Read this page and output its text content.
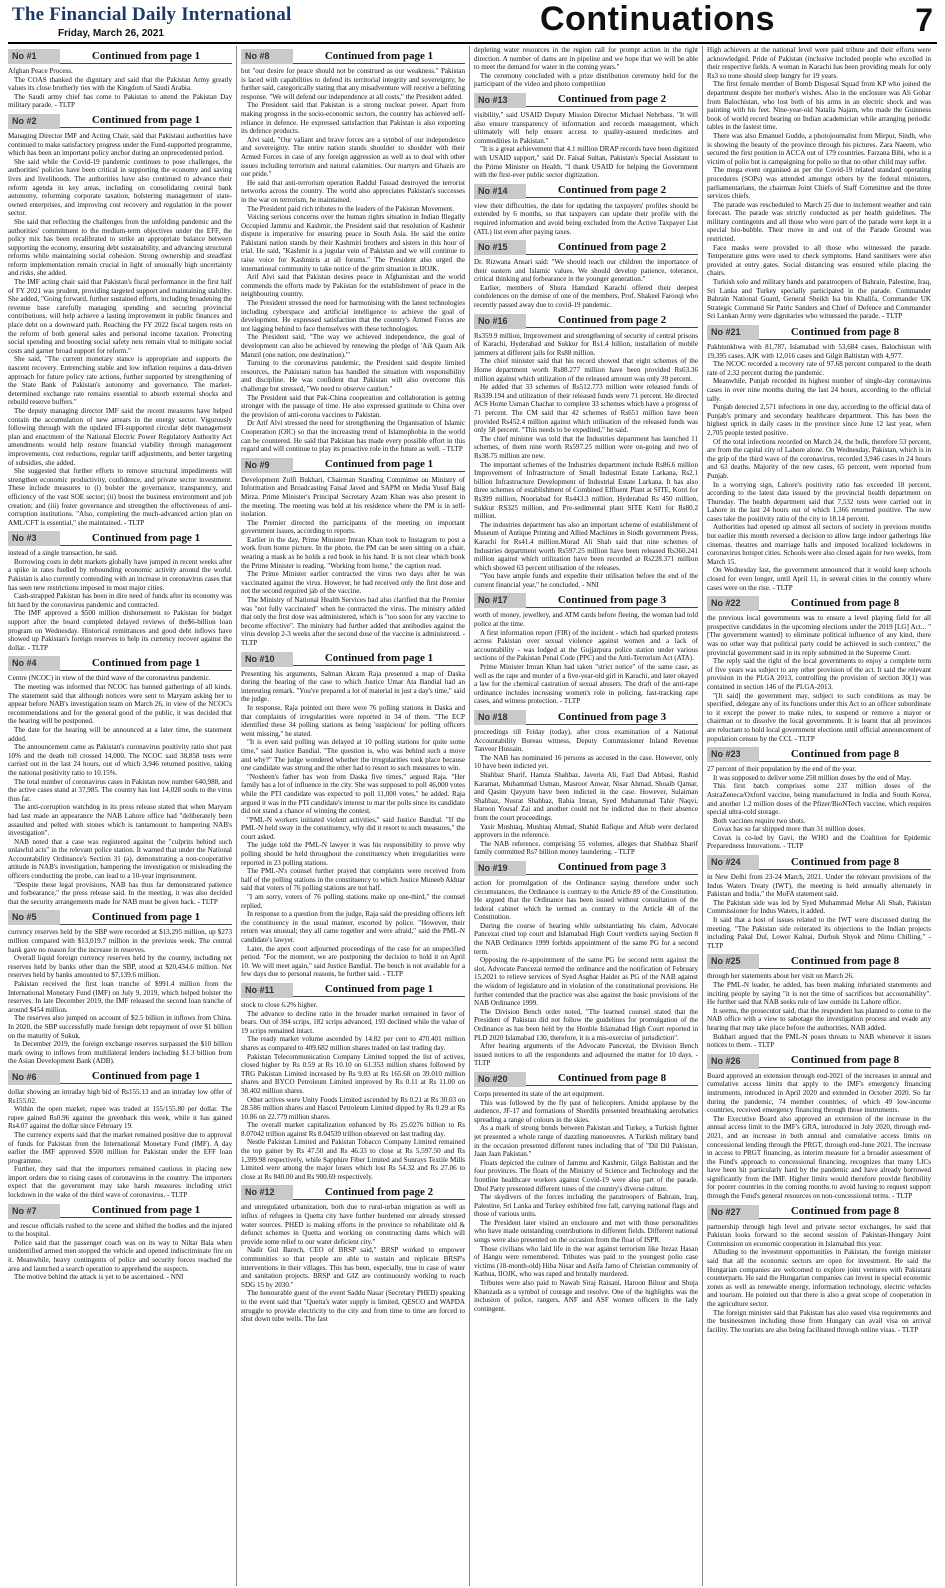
The Financial Daily International
Friday, March 26, 2021	Continuations	7
No #1	Continued from page 1

Afghan Peace Process.

The COAS thanked the dignitary and said that the Pakistan Army greatly values its close brotherly ties with the Kingdom of Saudi Arabia.

The Saudi army chief has come to Pakistan to attend the Pakistan Day military parade. - TLTP

No #2	Continued from page 1

Managing Director IMF and Acting Chair, said that Pakistani authorities have continued to make satisfactory progress under the Fund-supported programme, which has been an important policy anchor during an unprecedented period.

She said while the Covid-19 pandemic continues to pose challenges, the authorities' policies have been critical in supporting the economy and saving lives and livelihoods. The authorities have also continued to advance their reform agenda in key areas, including on consolidating central bank autonomy, reforming corporate taxation, bolstering management of state-owned enterprises, and improving cost recovery and regulation in the power sector.

She said that reflecting the challenges from the unfolding pandemic and the authorities' commitment to the medium-term objectives under the EFF, the policy mix has been recalibrated to strike an appropriate balance between supporting the economy, ensuring debt sustainability, and advancing structural reforms while maintaining social cohesion. Strong ownership and steadfast reform implementation remain crucial in light of unusually high uncertainty and risks, she added.

The IMF acting chair said that Pakistan's fiscal performance in the first half of FY 2021 was prudent, providing targeted support and maintaining stability. She added, "Going forward, further sustained efforts, including broadening the revenue base carefully managing spending and securing provincial contributions, will help achieve a lasting improvement in public finances and place debt on a downward path. Reaching the FY 2022 fiscal targets rests on the reform of both general sales and personal income taxation. Protecting social spending and boosting social safety nets remain vital to mitigate social costs and garner broad support for reform."

She said, "The current monetary stance is appropriate and supports the nascent recovery. Entrenching stable and low inflation requires a data-driven approach for future policy rate actions, further supported by strengthening of the State Bank of Pakistan's autonomy and governance. The market-determined exchange rate remains essential to absorb external shocks and rebuild reserve buffers."

The deputy managing director IMF said the recent measures have helped contain the accumulation of new arrears in the energy sector. Vigorously following through with the updated IFI-supported circular debt management plan and enactment of the National Electric Power Regulatory Authority Act amendments would help restore financial viability through management improvements, cost reductions, regular tariff adjustments, and better targeting of subsidies, she added.

She suggested that further efforts to remove structural impediments will strengthen economic productivity, confidence, and private sector investment. These include measures to (i) bolster the governance, transparency, and efficiency of the vast SOE sector; (ii) boost the business environment and job creation; and (iii) foster governance and strengthen the effectiveness of anti-corruption institutions. "Also, completing the much-advanced action plan on AML/CFT is essential," she maintained. - TLTP

No #3	Continued from page 1

instead of a single transaction, he said.

Borrowing costs in debt markets globally have jumped in recent weeks after a spike in rates fuelled by rebounding economic activity around the world. Pakistan is also currently contending with an increase in coronavirus cases that has seen new restrictions imposed in most major cities.

Cash-strapped Pakistan has been in dire need of funds after its economy was hit hard by the coronavirus pandemic and contracted.

The IMF approved a $500 million disbursement to Pakistan for budget support after the board completed delayed reviews of the$6-billion loan program on Wednesday. Historical remittances and good debt inflows have showed up Pakistan's foreign reserves to help its currency recover against the dollar. - TLTP

No #4	Continued from page 1

Centre (NCOC) in view of the third wave of the coronavirus pandemic.

The meeting was informed that NCOC has banned gatherings of all kinds. The statement said that although notices were sent to Maryam asking her to appear before NAB's investigation team on March 26, in view of the NCOC's recommendations and for the general good of the public, it was decided that the hearing will be postponed.

The date for the hearing will be announced at a later time, the statement added.

The announcement came as Pakistan's coronavirus positivity ratio shot past 10% and the death toll crossed 14,000. The NCOC said 38,858 tests were carried out in the last 24 hours, out of which 3,946 returned positive, taking the national positivity ratio to 10.15%.

The total number of coronavirus cases in Pakistan now number 640,988, and the active cases stand at 37,985. The country has lost 14,028 souls to the virus thus far.

The anti-corruption watchdog in its press release stated that when Maryam had last made an appearance the NAB Lahore office had "deliberately been assaulted and pelted with stones which is tantamount to hampering NAB's investigation".

NAB noted that a case was registered against the "culprits behind such unlawful acts" in the relevant police station. It warned that under the National Accountability Ordinance's Section 31 (a), demonstrating a non-cooperative attitude in NAB's investigation, hampering the investigation or misleading the officers conducting the probe, can lead to a 10-year imprisonment.

"Despite these legal provisions, NAB has thus far demonstrated patience and forbearance," the press release said. In the meeting, it was also decided that the security arrangements made for NAB must be given back. - TLTP

No #5	Continued from page 1

currency reserves held by the SBP were recorded at $13,295 million, up $273 million compared with $13,019.7 million in the previous week. The central bank gave no reason for the increase in reserves.

Overall liquid foreign currency reserves held by the country, including net reserves held by banks other than the SBP, stood at $20,434.6 million. Net reserves held by banks amounted to $7,139.6 million.

Pakistan received the first loan tranche of $991.4 million from the International Monetary Fund (IMF) on July 9, 2019, which helped bolster the reserves. In late December 2019, the IMF released the second loan tranche of around $454 million.

The reserves also jumped on account of $2.5 billion in inflows from China. In 2020, the SBP successfully made foreign debt repayment of over $1 billion on the maturity of Sukuk.

In December 2019, the foreign exchange reserves surpassed the $10 billion mark owing to inflows from multilateral lenders including $1.3 billion from the Asian Development Bank (ADB).

No #6	Continued from page 1

dollar showing an intraday high bid of Rs155.13 and an intraday low offer of Rs155.02.

Within the open market, rupee was traded at 155/155.80 per dollar. The rupee gained Rs0.96 against the greenback this week, while it has gained Rs4.07 against the dollar since February 19.

The currency experts said that the market remained positive due to approval of funds for Pakistan from the International Monetary Fund (IMF). A day earlier the IMF approved $500 million for Pakistan under the EFF loan programme.

Further, they said that the importers remained cautious in placing new import orders due to rising cases of coronavirus in the country. The importers expect that the government may take harsh measures including strict lockdown in the wake of the third wave of coronavirus. - TLTP

No #7	Continued from page 1

and rescue officials rushed to the scene and shifted the bodies and the injured to the hospital.

Police said that the passenger coach was on its way to Niltar Bala when unidentified armed men stopped the vehicle and opened indiscriminate fire on it. Meanwhile, heavy contingents of police and security forces reached the area and launched a search operation to apprehend the suspects.

The motive behind the attack is yet to be ascertained. - NNI

No #8	Continued from page 1

but "our desire for peace should not be construed as our weakness." Pakistan is laced with capabilities to defend its territorial integrity and sovereignty, he further said, categorically stating that any misadventure will receive a befitting response. "We will defend our independence at all costs," the President added.

The President said that Pakistan is a strong nuclear power. Apart from making progress in the socio-economic sectors, the country has achieved self-reliance in defence. He expressed satisfaction that Pakistan is also exporting its defence products.

Alvi said, "Our valiant and brave forces are a symbol of our independence and sovereignty. The entire nation stands shoulder to shoulder with their Armed Forces in case of any foreign aggression as well as to deal with other issues including terrorism and natural calamities. Our martyrs and Ghazis are our pride."

He said that anti-terrorism operation Raddul Fassad destroyed the terrorist networks across the country. The world also appreciates Pakistan's successes in the war on terrorism, he maintained.

The President paid rich tributes to the leaders of the Pakistan Movement.

Voicing serious concerns over the human rights situation in Indian Illegally Occupied Jammu and Kashmir, the President said that resolution of Kashmir dispute is imperative for ensuring peace in South Asia. He said the entire Pakistani nation stands by their Kashmiri brothers and sisters in this hour of trial. He said, "Kashmir is a jugular vein of Pakistan and we will continue to raise voice for Kashmiris at all forums." The President also urged the international community to take notice of the grim situation in IIOJK.

Arif Alvi said that Pakistan desires peace in Afghanistan and the world commends the efforts made by Pakistan for the establishment of peace in the neighbouring country.

The President stressed the need for harmonising with the latest technologies including cyberspace and artificial intelligence to achieve the goal of development. He expressed satisfaction that the country's Armed Forces are not lagging behind to face themselves with these technologies.

The President said, "The way we achieved independence, the goal of development can also be achieved by renewing the pledge of 'Aik Qaum Aik Manzil (one nation, one destination).'"

Turning to the coronavirus pandemic, the President said despite limited resources, the Pakistani nation has handled the situation with responsibility and discipline. He was confident that Pakistan will also overcome this challenge but stressed, "We need to observe caution."

The President said that Pak-China cooperation and collaboration is getting stronger with the passage of time. He also expressed gratitude to China over the provision of anti-corona vaccines to Pakistan.

Dr Arif Alvi stressed the need for strengthening the Organisation of Islamic Cooperation (OIC) so that the increasing trend of Islamophobia in the world can be countered. He said that Pakistan has made every possible effort in this regard and will continue to play its proactive role in the future as well. - TLTP

No #9	Continued from page 1

Development Zulfi Bukhari, Chairman Standing Committee on Ministry of Information and Broadcasting Faisal Javed and SAPM on Media Yusuf Baig Mirza. Prime Minister's Principal Secretary Azam Khan was also present in the meeting. The meeting was held at his residence where the PM is in self-isolation.

The Premier directed the participants of the meeting on important government issues, according to reports.

Earlier in the day, Prime Minister Imran Khan took to Instagram to post a work from home picture. In the photo, the PM can be seen sitting on a chair, wearing a mask as he holds a red book in his hand. It is not clear which book the Prime Minister is reading. "Working from home," the caption read.

The Prime Minister earlier contracted the virus two days after he was vaccinated against the virus. However, he had received only the first dose and not the second required jab of the vaccine.

The Ministry of National Health Services had also clarified that the Premier was "not fully vaccinated" when he contracted the virus. The ministry added that only the first dose was administered, which is "too soon for any vaccine to become effective". The ministry had further added that antibodies against the virus develop 2-3 weeks after the second dose of the vaccine is administered. - TLTP

No #10	Continued from page 1

Presenting his arguments, Salman Akram Raja presented a map of Daska during the hearing of the case to which Justice Umar Ata Bandial had an interesting remark. "You've prepared a lot of material in just a day's time," said the judge.

In response, Raja pointed out there were 76 polling stations in Daska and that complaints of irregularities were reported in 34 of them. "The ECP identified these 34 polling stations as being 'suspicious' for polling officers went missing," he stated.

"It is even said polling was delayed at 10 polling stations for quite some time," said Justice Bandial. "The question is, who was behind such a move and why?" The judge wondered whether the irregularities took place because one candidate was strong and the other had to resort to such measures to win.

"Nosheen's father has won from Daska five times," argued Raja. "Her family has a lot of influence in the city. She was supposed to poll 46,000 votes while the PTI candidate was expected to poll 11,000 votes," he added. Raja argued it was in the PTI candidate's interest to mar the polls since its candidate did not stand a chance of winning the contest.

"PML-N workers initiated violent activities," said Justice Bandial. "If the PML-N held sway in the constituency, why did it resort to such measures," the court asked.

The judge told the PML-N lawyer it was his responsibility to prove why polling should be held throughout the constituency when irregularities were reported in 23 polling stations.

The PML-N's counsel further prayed that complaints were received from half of the polling stations in the constituency to which Justice Muneeb Akhtar said that voters of 76 polling stations are not half.

"I am sorry, voters of 76 polling stations make up one-third," the counsel replied.

In response to a question from the judge, Raja said the presiding officers left the constituency in the usual manner, escorted by police. "However, their return was unusual; they all came together and were afraid," said the PML-N candidate's lawyer.

Later, the apex court adjourned proceedings of the case for an unspecified period. "For the moment, we are postponing the decision to hold it on April 10. We will meet again," said Justice Bandial. The bench is not available for a few days due to personal reasons, he further said. - TLTP

No #11	Continued from page 1

stock to close 6.2% higher.

The advance to decline ratio in the broader market remained in favor of bears. Out of 394 scrips, 182 scrips advanced, 193 declined while the value of 19 scrips remained intact.

The ready market volume ascended by 14.82 per cent to 470.401 million shares as compared to 409.682 million shares traded on last trading day.

Pakistan Telecommunication Company Limited topped the list of actives, closed higher by Rs 0.59 at Rs 10.10 on 61.353 million shares followed by TRG Pakistan Limited increased by Rs 9.83 at Rs 165.68 on 39.010 million shares and BYCO Petroleum Limited improved by Rs 0.11 at Rs 11.00 on 38.402 million shares.

Other actives were Unity Foods Limited ascended by Rs 0.21 at Rs 30.03 on 28.586 million shares and Hascol Petroleum Limited dipped by Rs 0.29 at Rs 10.86 on 22.779 million shares.

The overall market capitalization enhanced by Rs 25.0276 billion to Rs 8.07042 trillion against Rs 8.04539 trillion observed on last trading day.

Nestle Pakistan Limited and Pakistan Tobacco Company Limited remained the top gainer by Rs 47.50 and Rs 46.33 to close at Rs 5,597.50 and Rs 1,399.98 respectively, while Sapphire Fiber Limited and Sunrays Textile Mills Limited were among the major losers which lost Rs 54.32 and Rs 27.06 to close at Rs 840.00 and Rs 900.69 respectively.

No #12	Continued from page 2

and unregulated urbanization, both due to rural-urban migration as well as influx of refugees in Quetta city have further burdened our already stressed water sources. PHED is making efforts in the province to rehabilitate old & defunct schemes in Quetta and working on constructing dams which will provide some relief to our water deficient city."

Nadir Gul Barech, CEO of BRSP said," BRSP worked to empower communities so that people are able to sustain and replicate BRSP's interventions in their villages. This has been, especially, true in case of water and sanitation projects. BRSP and GIZ are continuously working to reach SDG 15 by 2030."

The honourable guest of the event Saddu Nasar (Secretary PHED) speaking to the event said that "Quetta's water supply is limited, QESCO and WAPDA struggle to provide electricity to the city and from time to time are forced to shut down tube wells. The fast

depleting water resources in the region call for prompt action in the right direction. A number of dams are in pipeline and we hope that we will be able to meet the demand for water in the coming years."

The ceremony concluded with a prize distribution ceremony held for the participant of the video and photo competition

No #13	Continued from page 2

visibility," said USAID Deputy Mission Director Michael Nehrbass. "It will also ensure transparency of information and records management, which ultimately will help ensure access to quality-assured medicines and commodities in Pakistan."

"It is a great achievement that 4.1 million DRAP records have been digitized with USAID support," said Dr. Faisal Sultan, Pakistan's Special Assistant to the Prime Minister on Health. "I thank USAID for helping the Government with the first-ever public sector digitization.

No #14	Continued from page 2

view their difficulties, the date for updating the taxpayers' profiles should be extended by 6 months, so that taxpayers can update their profile with the required information and avoid being excluded from the Active Taxpayer List (ATL) list even after paying taxes.

No #15	Continued from page 2

Dr. Rizwana Ansari said: "We should teach our children the importance of their eastern and Islamic values. We should develop patience, tolerance, critical thinking and forbearance in the younger generation."

Earlier, members of Shura Hamdard Karachi offered their deepest condolences on the demise of one of the members, Prof. Shakeel Farooqi who recently passed away due to covid-19 pandemic.

No #16	Continued from page 2

Rs359.9 million, Improvement and strengthening of security of central prisons of Karachi, Hyderabad and Sukkur for Rs1.4 billion, installation of mobile jammers at different jails for Rs88 million.

The chief minister said that his record showed that eight schemes of the Home department worth Rs88.277 million have been provided Rs63.36 million against which utilization of the released amount was only 39 percent.

He added that 33 schemes of Rs512.773 million were released funds of Rs339.194 and utilization of their released funds were 71 percent. He directed ACS Home Usman Chachar to complete 33 schemes which have a progress of 71 percent. The CM said that 42 schemes of Rs651 million have been provided Rs452.4 million against which utilisation of the released funds was only 58 percent. "This needs to be expedited," he said.

The chief minister was told that the Industries department has launched 11 schemes, of them nine worth Rs597.25 million were on-going and two of Rs38.75 million are new.

The important schemes of the Industries department include Rs86.6 million Improvement of Infrastructure of Small Industrial Estate Larkana, Rs2.1 billion Infrastructure Development of Industrial Estate Larkana. It has also three schemes of establishment of Combined Effluent Plant at SITE, Kotri for Rs399 million, Nooriabad for Rs443.3 million, Hyderabad Rs 450 million, Sukkur RS325 million, and Pre-sedimental plant SITE Kotri for Rs80.2 million.

The industries department has also an important scheme of establishment of Museum of Antique Printing and Allied Machines in Sindh government Press, Karachi for Rs41.4 million.Murad Ali Shah said that nine schemes of Industries department worth Rs597.25 million have been released Rs360.241 million against which utilization have been recorded at Rs228.371 million which showed 63 percent utilisation of the releases.

"You have ample funds and expedite their utilisation before the end of the current financial year," he concluded. - NNI

No #17	Continued from page 3

worth of money, jewellery, and ATM cards before fleeing, the woman had told police at the time.

A first information report (FIR) of the incident - which had sparked protests across Pakistan over sexual violence against women and a lack of accountability - was lodged at the Gujjarpura police station under various sections of the Pakistan Penal Code (PPC) and the Anti-Terrorism Act (ATA).

Prime Minister Imran Khan had taken "strict notice" of the same case, as well as the rape and murder of a five-year-old girl in Karachi, and later okayed a law for the chemical castration of sexual abusers. The draft of the anti-rape ordinance includes increasing women's role in policing, fast-tracking rape cases, and witness protection. - TLTP

No #18	Continued from page 3

proceedings till Friday (today), after cross examination of a National Accountability Bureau witness, Deputy Commissioner Inland Revenue Tanveer Hussain.

The NAB has nominated 16 persons as accused in the case. However, only 10 have been indicted yet.

Shahbaz Sharif, Hamza Shahbaz, Javeria Ali, Fazl Dad Abbasi, Rashid Karamat, Muhammad Usman, Masroor Anwar, Nisar Ahmad, Shoaib Qamar, and Qasim Qayyum have been indicted in the case. However, Sulaiman Shahbaz, Nusrat Shahbaz, Rabia Imran, Syed Muhammad Tahir Naqvi, Haroon Yousaf Zai and another could not be indicted due to their absence from the court proceedings.

Yasir Mushtaq, Mushtaq Ahmad, Shahid Rafique and Aftab were declared approvers in the reference.

The NAB reference, comprising 55 volumes, alleges that Shahbaz Sharif family committed Rs7 billion money laundering. - TLTP

No #19	Continued from page 3

action for promulgation of the Ordinance saying therefore under such circumstances, the Ordinance is contrary to the Article 89 of the Constitution. He argued that the Ordinance has been issued without consultation of the federal cabinet which he termed as contrary to the Article 48 of the Constitution.

During the course of hearing while substantiating his claim, Advocate Pancezai cited top court and Islamabad High Court verdicts saying Section 8 the NAB Ordinance 1999 forbids appointment of the same PG for a second term.

Opposing the re-appointment of the same PG for second term against the slot, Advocate Pancezai termed the ordinance and the notification of February 15,2021 to relieve services of Syed Asghar Haider as PG of the NAB against the wisdom of legislature and in violation of the constitutional provisions. He further contended that the practice was also against the basic provisions of the NAB Ordinance 1999.

The Division Bench order noted, "The learned counsel stated that the President of Pakistan did not follow the guidelines for promulgation of the Ordinance as has been held by the Honble Islamabad High Court reported in PLD 2020 Islamabad 130, therefore, it is a mis-exercise of jurisdiction".

After hearing arguments of the Advocate Pancezai, the Division Bench issued notices to all the respondents and adjourned the matter for 10 days. - TLTP

No #20	Continued from page 8

Corps presented its state of the art equipment.

This was followed by the fly past of helicopters. Amidst applause by the audience, JF-17 and formations of Sherdils presented breathtaking aerobatics spreading a range of colours in the skies.

As a mark of strong bonds between Pakistan and Turkey, a Turkish fighter jet presented a whole range of dazzling manoeuvres. A Turkish military band in the occasion presented different tunes including that of "Dil Dil Pakistan, Jaan Jaan Pakistan."

Floats depicted the culture of Jammu and Kashmir, Gilgit Baltistan and the four provinces. The floats of the Ministry of Science and Technology and the frontline healthcare workers against Covid-19 were also part of the parade. Dhol Party presented different tunes of the country's diverse culture.

The skydivers of the forces including the paratroopers of Bahrain, Iraq, Palestine, Sri Lanka and Turkey exhibited free fall, carrying national flags and those of various units.

The President later visited an enclosure and met with those personalities who have made outstanding contributions in different fields. Different national songs were also presented on the occasion from the float of ISPR.

Those civilians who laid life in the war against terrorism like Itezaz Hasan of Hangu were remembered. Tributes was paid to the youngest polio case victims (18-month-old) Hiba Nisar and Asifa Jamo of Christian community of Kathua, IIOJK, who was raped and brutally murdered.

Tributes were also paid to Nawab Siraj Raisani, Haroon Bilour and Shuja Khanzada as a symbol of courage and resolve. One of the highlights was the inclusion of police, rangers, ANF and ASF women officers in the lady contingent.

High achievers at the national level were paid tribute and their efforts were acknowledged. Pride of Pakistan (inclusive included people who excelled in their respective fields. A woman in Karachi has been providing meals for only Rs3 so none should sleep hungry for 19 years.

The first female member of Bomb Disposal Squad from KP who joined the department despite her mother's wishes. Also in the enclosure was Ali Gohar from Balochistan, who lost both of his arms in an electric shock and was painting with his feet. Nine-year-old Natalia Najam, who made the Guinness book of world record bearing on Indian academician while arranging periodic tables in the fastest time.

There was also Emanuel Guddo, a photojournalist from Mirpur, Sindh, who is showing the beauty of the province through his pictures. Zara Naeem, who secured the first position in ACCA out of 179 countries. Farzana Bibi, who is a victim of polio but is campaigning for polio so that no other child may suffer.

The mega event organised as per the Covid-19 related standard operating procedures (SOPs) was attended amongst others by the federal ministers, parliamentarians, the chairman Joint Chiefs of Staff Committee and the three services chiefs.

The parade was rescheduled to March 25 due to inclement weather and rain forecast. The parade was strictly conducted as per health guidelines. The military contingents and all those who were part of the parade were kept in a special bio-bubble. Their move in and out of the Parade Ground was restricted.

Face masks were provided to all those who witnessed the parade. Temperature guns were used to check symptoms. Hand sanitisers were also provided at entry gates. Social distancing was ensured while placing the chairs.

Turkish solo and military bands and paratroopers of Bahrain, Palestine, Iraq, Sri Lanka and Turkey specially participated in the parade. Commander Bahrain National Guard, General Sheikh Isa bin Khalifa, Commander UK Strategic Command Sir Patric Sanders and Chief of Defence and Commander Sri Lankan Army were dignitaries who witnessed the parade. - TLTP

No #21	Continued from page 8

Pakhtunkhwa with 81,787, Islamabad with 53,684 cases, Balochistan with 19,395 cases, AJK with 12,016 cases and Gilgit Baltistan with 4,977.

The NCOC recorded a recovery rate of 97.68 percent compared to the death rate of 2.32 percent during the pandemic.

Meanwhile, Punjab recorded its highest number of single-day coronavirus cases in over nine months during the last 24 hours, according to the official tally.

Punjab detected 2,571 infections in one day, according to the official data of Punjab's primary and secondary healthcare department. This has been the highest uptick in daily cases in the province since June 12 last year, when 2,705 people tested positive.

Of the total infections recorded on March 24, the bulk, therefore 53 percent, are from the capital city of Lahore alone. On Wednesday, Pakistan, which is in the grip of the third wave of the coronavirus, recorded 3,946 cases in 24 hours and 63 deaths. Majority of the new cases, 65 percent, were reported from Punjab.

In a worrying sign, Lahore's positivity ratio has exceeded 18 percent, according to the latest data issued by the provincial health department on Thursday. The health department said that 7,532 tests were carried out in Lahore in the last 24 hours out of which 1,366 returned positive. The new cases take the positivity ratio of the city to 18.14 percent.

Authorities had opened up almost all sectors of society in previous months but earlier this month reversed a decision to allow large indoor gatherings like cinemas, theatres and marriage halls and imposed localized lockdowns in coronavirus hotspot cities. Schools were also closed again for two weeks, from March 15.

On Wednesday last, the government announced that it would keep schools closed for even longer, until April 11, in several cities in the country where cases were on the rise. - TLTP

No #22	Continued from page 8

the previous local governments was to ensure a level playing field for all prospective candidates in the upcoming elections under the 2019 [LG] Act... "[The government wanted] to eliminate political influence of any kind, there was no other way that political party could be achieved in such context," the provincial government said in its reply submitted in the Supreme Court.

The reply said the right of the local governments to enjoy a complete term of five years was subject to any other provision of the act. It said the relevant provision in the PLGA 2013, controlling the provision of section 30(1) was contained in section 146 of the PLGA-2013.

"[It said] the government may, subject to such conditions as may be specified, delegate any of its functions under this Act to an officer subordinate to it except the power to make rules, to suspend or remove a mayor or chairman or to dissolve the local governments. It is learnt that all provinces are reluctant to hold local government elections until official announcement of population census by the CCI. - TLTP

No #23	Continued from page 8

27 percent of their population by the end of the year.

It was supposed to deliver some 258 million doses by the end of May.

This first batch comprises some 237 million doses of the AstraZeneca/Oxford vaccine, being manufactured in India and South Korea, and another 1.2 million doses of the Pfizer/BioNTech vaccine, which requires special ultra-cold storage.

Both vaccines require two shots.

Covax has so far shipped more than 31 million doses.

Covax is co-led by Gavi, the WHO and the Coalition for Epidemic Preparedness Innovations. - TLTP

No #24	Continued from page 8

in New Delhi from 23-24 March, 2021. Under the relevant provisions of the Indus Waters Treaty (IWT), the meeting is held annually alternately in Pakistan and India," the MoFA statement said.

The Pakistan side was led by Syed Muhammad Mehar Ali Shah, Pakistan Commissioner for Indus Waters, it added.

It said that a host of issues related to the IWT were discussed during the meeting. "The Pakistan side reiterated its objections to the Indian projects including Pakal Dul, Lower Kalnai, Durbuk Shyok and Nimu Chilling." - TLTP

No #25	Continued from page 8

through her statements about her visit on March 26.

The PML-N leader, he added, has been making infuriated statements and inciting people by saying "it is not the time of sacrifices but accountability". He further said that NAB seeks rule of law outside its Lahore office.

It seems, the prosecutor said, that the respondent has planned to come to the NAB office with a view to sabotage the investigation process and evade any hearing that may take place before the authorities, NAB added.

Bukhari argued that the PML-N poses threats to NAB whenever it issues notices to them. - TLTP

No #26	Continued from page 8

Board approved an extension through end-2021 of the increases in annual and cumulative access limits that apply to the IMF's emergency financing instruments, introduced in April 2020 and extended in October 2020. So far during the pandemic, 74 member countries, of which 49 low-income countries, received emergency financing through those instruments.

The Executive Board also approved an extension of the increase in the annual access limit to the IMF's GRA, introduced in July 2020, through end-2021, and an increase in both annual and cumulative access limits on concessional lending through the PRGT, through end-June 2021. The increase in access to PRGT financing, as interim measure for a broader assessment of the Fund's approach to concessional financing, recognizes that many LICs have been hit particularly hard by the pandemic and have already borrowed significantly from the IMF. Higher limits would therefore provide flexibility for poorer countries in the coming months to avoid having to request support through the Fund's general resources on non-concessional terms. - TLTP

No #27	Continued from page 8

partnership through high level and private sector exchanges, he said that Pakistan looks forward to the second session of Pakistan-Hungary Joint Commission on economic cooperation in Islamabad this year.

Alluding to the investment opportunities in Pakistan, the foreign minister said that all the economic sectors are open for investment. He said the Hungarian companies are welcomed to explore joint ventures with Pakistani counterparts. He said the Hungarian companies can invest in special economic zones as well as renewable energy, information technology, electric vehicles and tourism. He pointed out that there is also a great scope of cooperation in the agriculture sector.

The foreign minister said that Pakistan has also eased visa requirements and the businessmen including those from Hungary can avail visa on arrival facility. The tourists are also being facilitated through online visas. - TLTP
